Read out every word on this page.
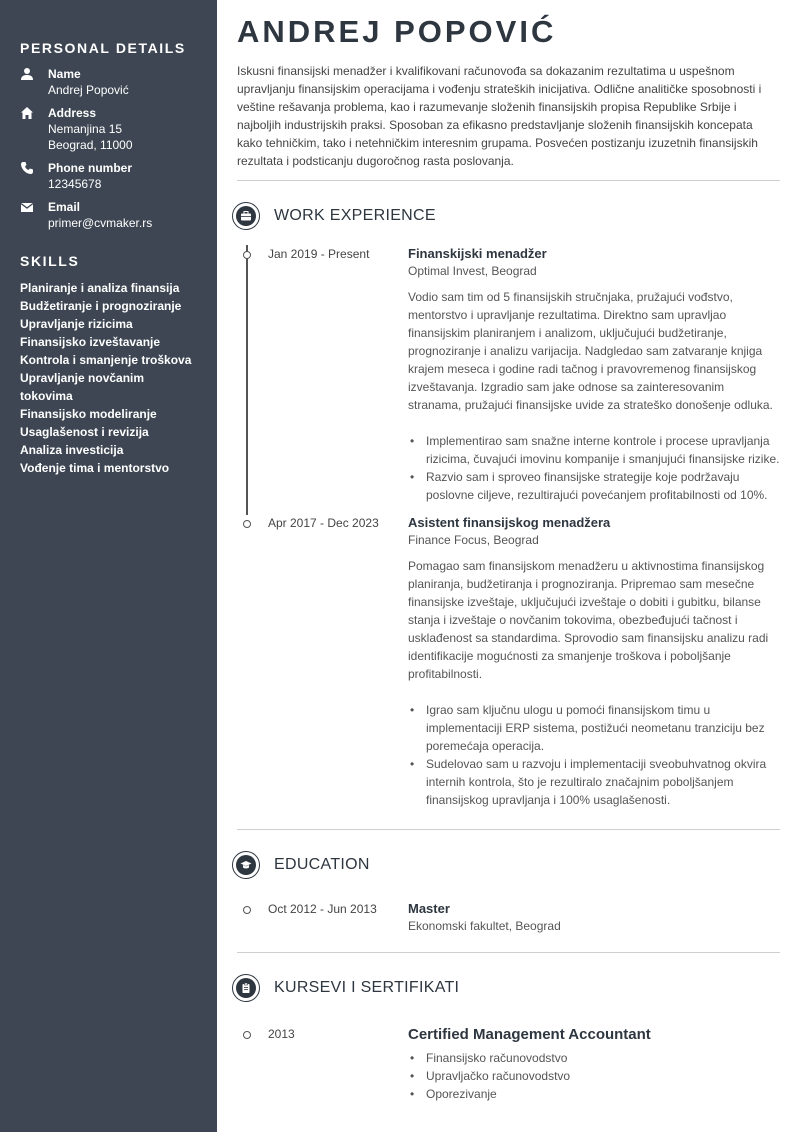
PERSONAL DETAILS
Name
Andrej Popović
Address
Nemanjina 15
Beograd, 11000
Phone number
12345678
Email
primer@cvmaker.rs
SKILLS
Planiranje i analiza finansija
Budžetiranje i prognoziranje
Upravljanje rizicima
Finansijsko izveštavanje
Kontrola i smanjenje troškova
Upravljanje novčanim tokovima
Finansijsko modeliranje
Usaglašenost i revizija
Analiza investicija
Vođenje tima i mentorstvo
ANDREJ POPOVIĆ
Iskusni finansijski menadžer i kvalifikovani računovođa sa dokazanim rezultatima u uspešnom upravljanju finansijskim operacijama i vođenju strateških inicijativa. Odlične analitičke sposobnosti i veštine rešavanja problema, kao i razumevanje složenih finansijskih propisa Republike Srbije i najboljih industrijskih praksi. Sposoban za efikasno predstavljanje složenih finansijskih koncepata kako tehničkim, tako i netehničkim interesnim grupama. Posvećen postizanju izuzetnih finansijskih rezultata i podsticanju dugoročnog rasta poslovanja.
WORK EXPERIENCE
Jan 2019 - Present	Finanskijski menadžer
Optimal Invest, Beograd
Vodio sam tim od 5 finansijskih stručnjaka, pružajući vođstvo, mentorstvo i upravljanje rezultatima. Direktno sam upravljao finansijskim planiranjem i analizom, uključujući budžetiranje, prognoziranje i analizu varijacija. Nadgledao sam zatvaranje knjiga krajem meseca i godine radi tačnog i pravovremenog finansijskog izveštavanja. Izgradio sam jake odnose sa zainteresovanim stranama, pružajući finansijske uvide za strateško donošenje odluka.
• Implementirao sam snažne interne kontrole i procese upravljanja rizicima, čuvajući imovinu kompanije i smanjujući finansijske rizike.
• Razvio sam i sproveo finansijske strategije koje podržavaju poslovne ciljeve, rezultirajući povećanjem profitabilnosti od 10%.
Apr 2017 - Dec 2023	Asistent finansijskog menadžera
Finance Focus, Beograd
Pomagao sam finansijskom menadžeru u aktivnostima finansijskog planiranja, budžetiranja i prognoziranja. Pripremao sam mesečne finansijske izveštaje, uključujući izveštaje o dobiti i gubitku, bilanse stanja i izveštaje o novčanim tokovima, obezbeđujući tačnost i usklađenost sa standardima. Sprovodio sam finansijsku analizu radi identifikacije mogućnosti za smanjenje troškova i poboljšanje profitabilnosti.
• Igrao sam ključnu ulogu u pomoći finansijskom timu u implementaciji ERP sistema, postižući neometanu tranziciju bez poremećaja operacija.
• Sudelovao sam u razvoju i implementaciji sveobuhvatnog okvira internih kontrola, što je rezultiralo značajnim poboljšanjem finansijskog upravljanja i 100% usaglašenosti.
EDUCATION
Oct 2012 - Jun 2013	Master
Ekonomski fakultet, Beograd
KURSEVI I SERTIFIKATI
2013	Certified Management Accountant
• Finansijsko računovodstvo
• Upravljačko računovodstvo
• Oporezivanje
